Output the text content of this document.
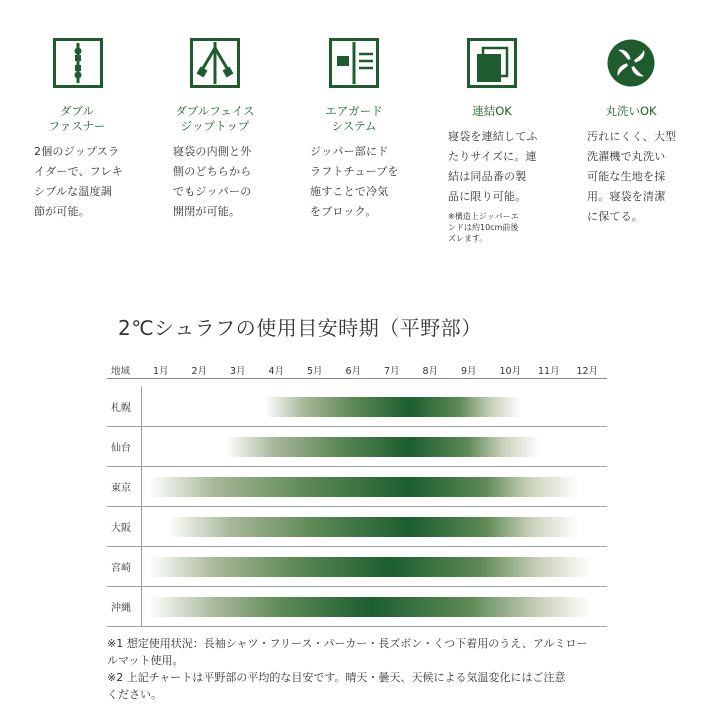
ダブル
ファスナー
2個のジップスラ
イダーで、フレキ
シブルな温度調
節が可能。
ダブルフェイス
ジップトップ
寝袋の内側と外
側のどちらから
でもジッパーの
開閉が可能。
エアガード
システム
ジッパー部にド
ラフトチューブを
施すことで冷気
をブロック。
連結OK
寝袋を連結してふ
たりサイズに。連
結は同品番の製
品に限り可能。
※構造上ジッパーエ
ンドは約10cm前後
ズレます。
丸洗いOK
汚れにくく、大型
洗濯機で丸洗い
可能な生地を採
用。寝袋を清潔
に保てる。
2℃シュラフの使用目安時期（平野部）
地域 1月 2月 3月 4月 5月 6月 7月 8月 9月 10月 11月 12月
札幌
仙台
東京
大阪
宮崎
沖縄
※1 想定使用状況：長袖シャツ・フリース・パーカー・長ズボン・くつ下着用のうえ、アルミロー
ルマット使用。
※2 上記チャートは平野部の平均的な目安です。晴天・曇天、天候による気温変化にはご注意
ください。
